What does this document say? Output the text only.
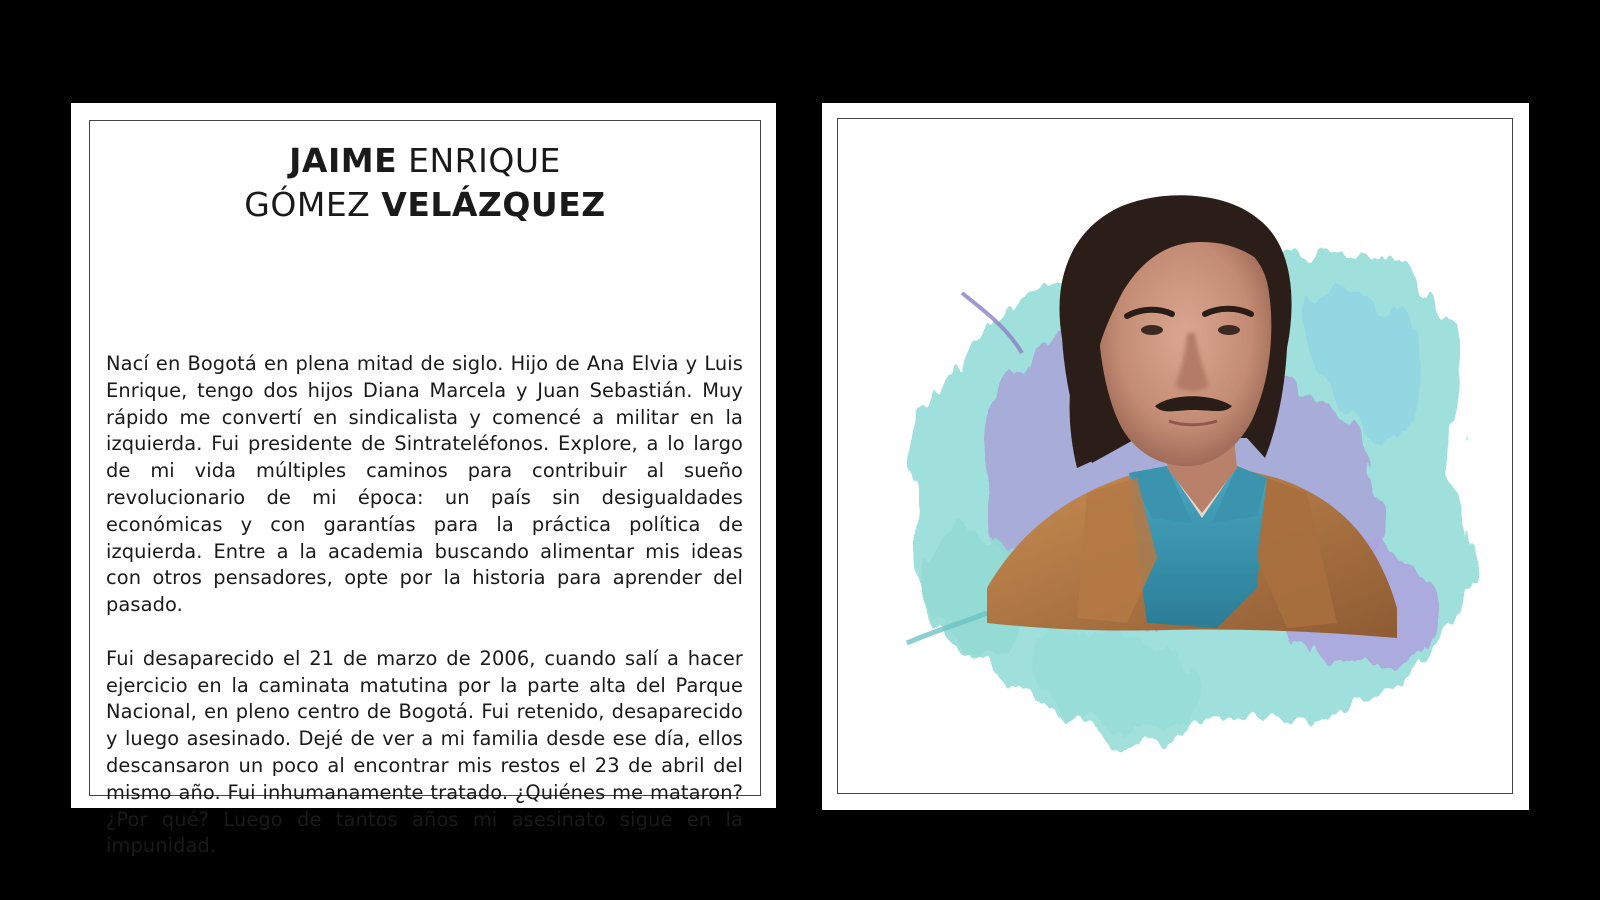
JAIME ENRIQUE
GÓMEZ VELÁZQUEZ

Nací en Bogotá en plena mitad de siglo. Hijo de Ana Elvia y Luis Enrique, tengo dos hijos Diana Marcela y Juan Sebastián. Muy rápido me convertí en sindicalista y comencé a militar en la izquierda. Fui presidente de Sintrateléfonos. Explore, a lo largo de mi vida múltiples caminos para contribuir al sueño revolucionario de mi época: un país sin desigualdades económicas y con garantías para la práctica política de izquierda. Entre a la academia buscando alimentar mis ideas con otros pensadores, opte por la historia para aprender del pasado.

Fui desaparecido el 21 de marzo de 2006, cuando salí a hacer ejercicio en la caminata matutina por la parte alta del Parque Nacional, en pleno centro de Bogotá. Fui retenido, desaparecido y luego asesinado. Dejé de ver a mi familia desde ese día, ellos descansaron un poco al encontrar mis restos el 23 de abril del mismo año. Fui inhumanamente tratado. ¿Quiénes me mataron? ¿Por qué? Luego de tantos años mi asesinato sigue en la impunidad.
